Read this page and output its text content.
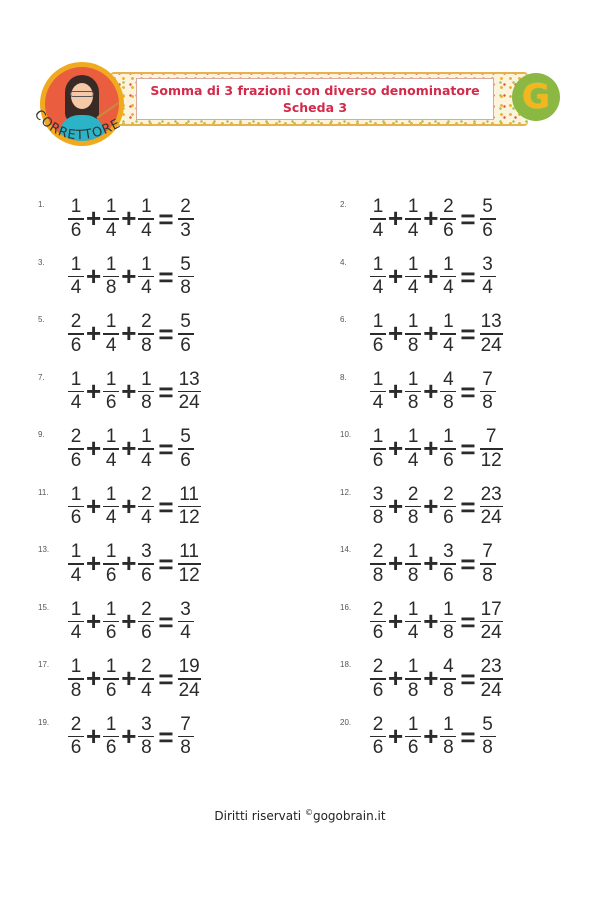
Somma di 3 frazioni con diverso denominatore
Scheda 3
CORRETTORE
G
1.	$\frac{1}{6} + \frac{1}{4} + \frac{1}{4} = \frac{2}{3}$	2.	$\frac{1}{4} + \frac{1}{4} + \frac{2}{6} = \frac{5}{6}$
3.	$\frac{1}{4} + \frac{1}{8} + \frac{1}{4} = \frac{5}{8}$	4.	$\frac{1}{4} + \frac{1}{4} + \frac{1}{4} = \frac{3}{4}$
5.	$\frac{2}{6} + \frac{1}{4} + \frac{2}{8} = \frac{5}{6}$	6.	$\frac{1}{6} + \frac{1}{8} + \frac{1}{4} = \frac{13}{24}$
7.	$\frac{1}{4} + \frac{1}{6} + \frac{1}{8} = \frac{13}{24}$	8.	$\frac{1}{4} + \frac{1}{8} + \frac{4}{8} = \frac{7}{8}$
9.	$\frac{2}{6} + \frac{1}{4} + \frac{1}{4} = \frac{5}{6}$	10. $\frac{1}{6} + \frac{1}{4} + \frac{1}{6} = \frac{7}{12}$
11.	$\frac{1}{6} + \frac{1}{4} + \frac{2}{4} = \frac{11}{12}$	12. $\frac{3}{8} + \frac{2}{8} + \frac{2}{6} = \frac{23}{24}$
13. $\frac{1}{4} + \frac{1}{6} + \frac{3}{6} = \frac{11}{12}$	14. $\frac{2}{8} + \frac{1}{8} + \frac{3}{6} = \frac{7}{8}$
15. $\frac{1}{4} + \frac{1}{6} + \frac{2}{6} = \frac{3}{4}$	16. $\frac{2}{6} + \frac{1}{4} + \frac{1}{8} = \frac{17}{24}$
17. $\frac{1}{8} + \frac{1}{6} + \frac{2}{4} = \frac{19}{24}$	18. $\frac{2}{6} + \frac{1}{8} + \frac{4}{8} = \frac{23}{24}$
19. $\frac{2}{6} + \frac{1}{6} + \frac{3}{8} = \frac{7}{8}$	20. $\frac{2}{6} + \frac{1}{6} + \frac{1}{8} = \frac{5}{8}$
Diritti riservati ©gogobrain.it
